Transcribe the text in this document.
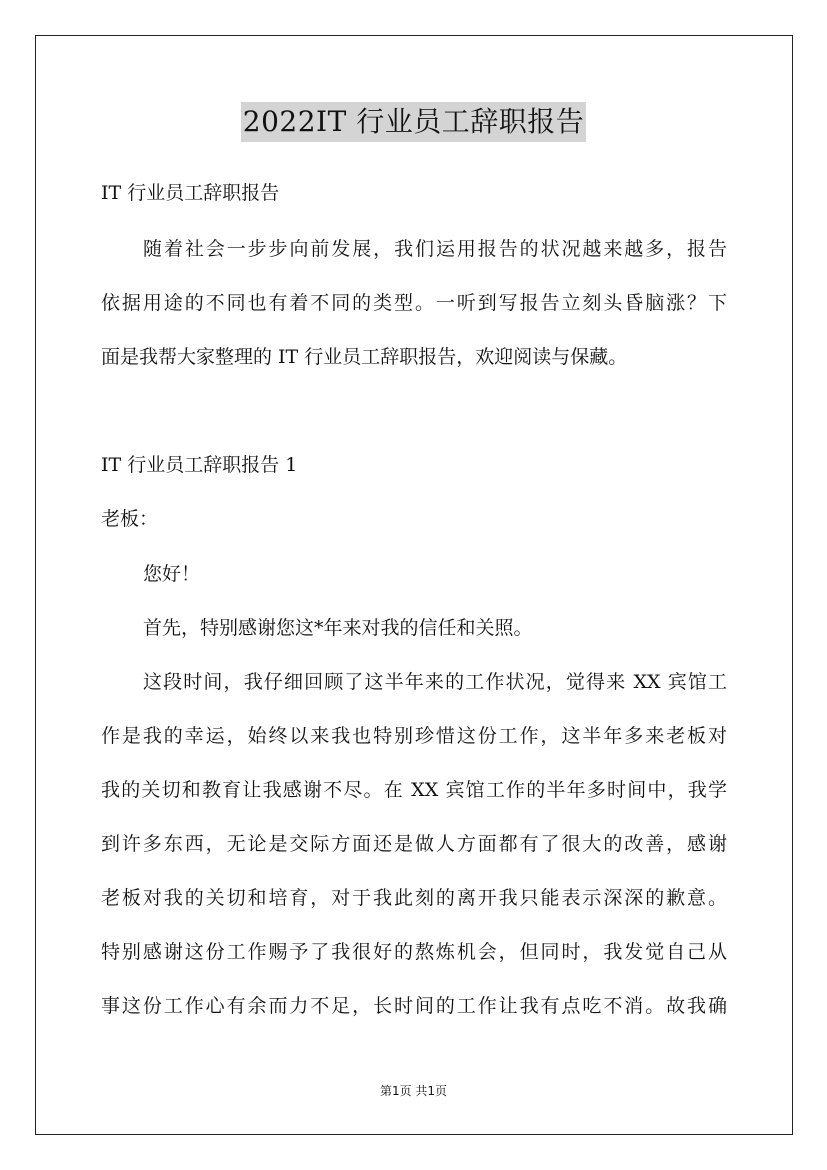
2022IT 行业员工辞职报告
IT 行业员工辞职报告
随着社会一步步向前发展，我们运用报告的状况越来越多，报告
依据用途的不同也有着不同的类型。一听到写报告立刻头昏脑涨？下
面是我帮大家整理的 IT 行业员工辞职报告，欢迎阅读与保藏。
IT 行业员工辞职报告 1
老板：
您好！
首先，特别感谢您这*年来对我的信任和关照。
这段时间，我仔细回顾了这半年来的工作状况，觉得来 XX 宾馆工
作是我的幸运，始终以来我也特别珍惜这份工作，这半年多来老板对
我的关切和教育让我感谢不尽。在 XX 宾馆工作的半年多时间中，我学
到许多东西，无论是交际方面还是做人方面都有了很大的改善，感谢
老板对我的关切和培育，对于我此刻的离开我只能表示深深的歉意。
特别感谢这份工作赐予了我很好的熬炼机会，但同时，我发觉自己从
事这份工作心有余而力不足，长时间的工作让我有点吃不消。故我确
第1页 共1页
